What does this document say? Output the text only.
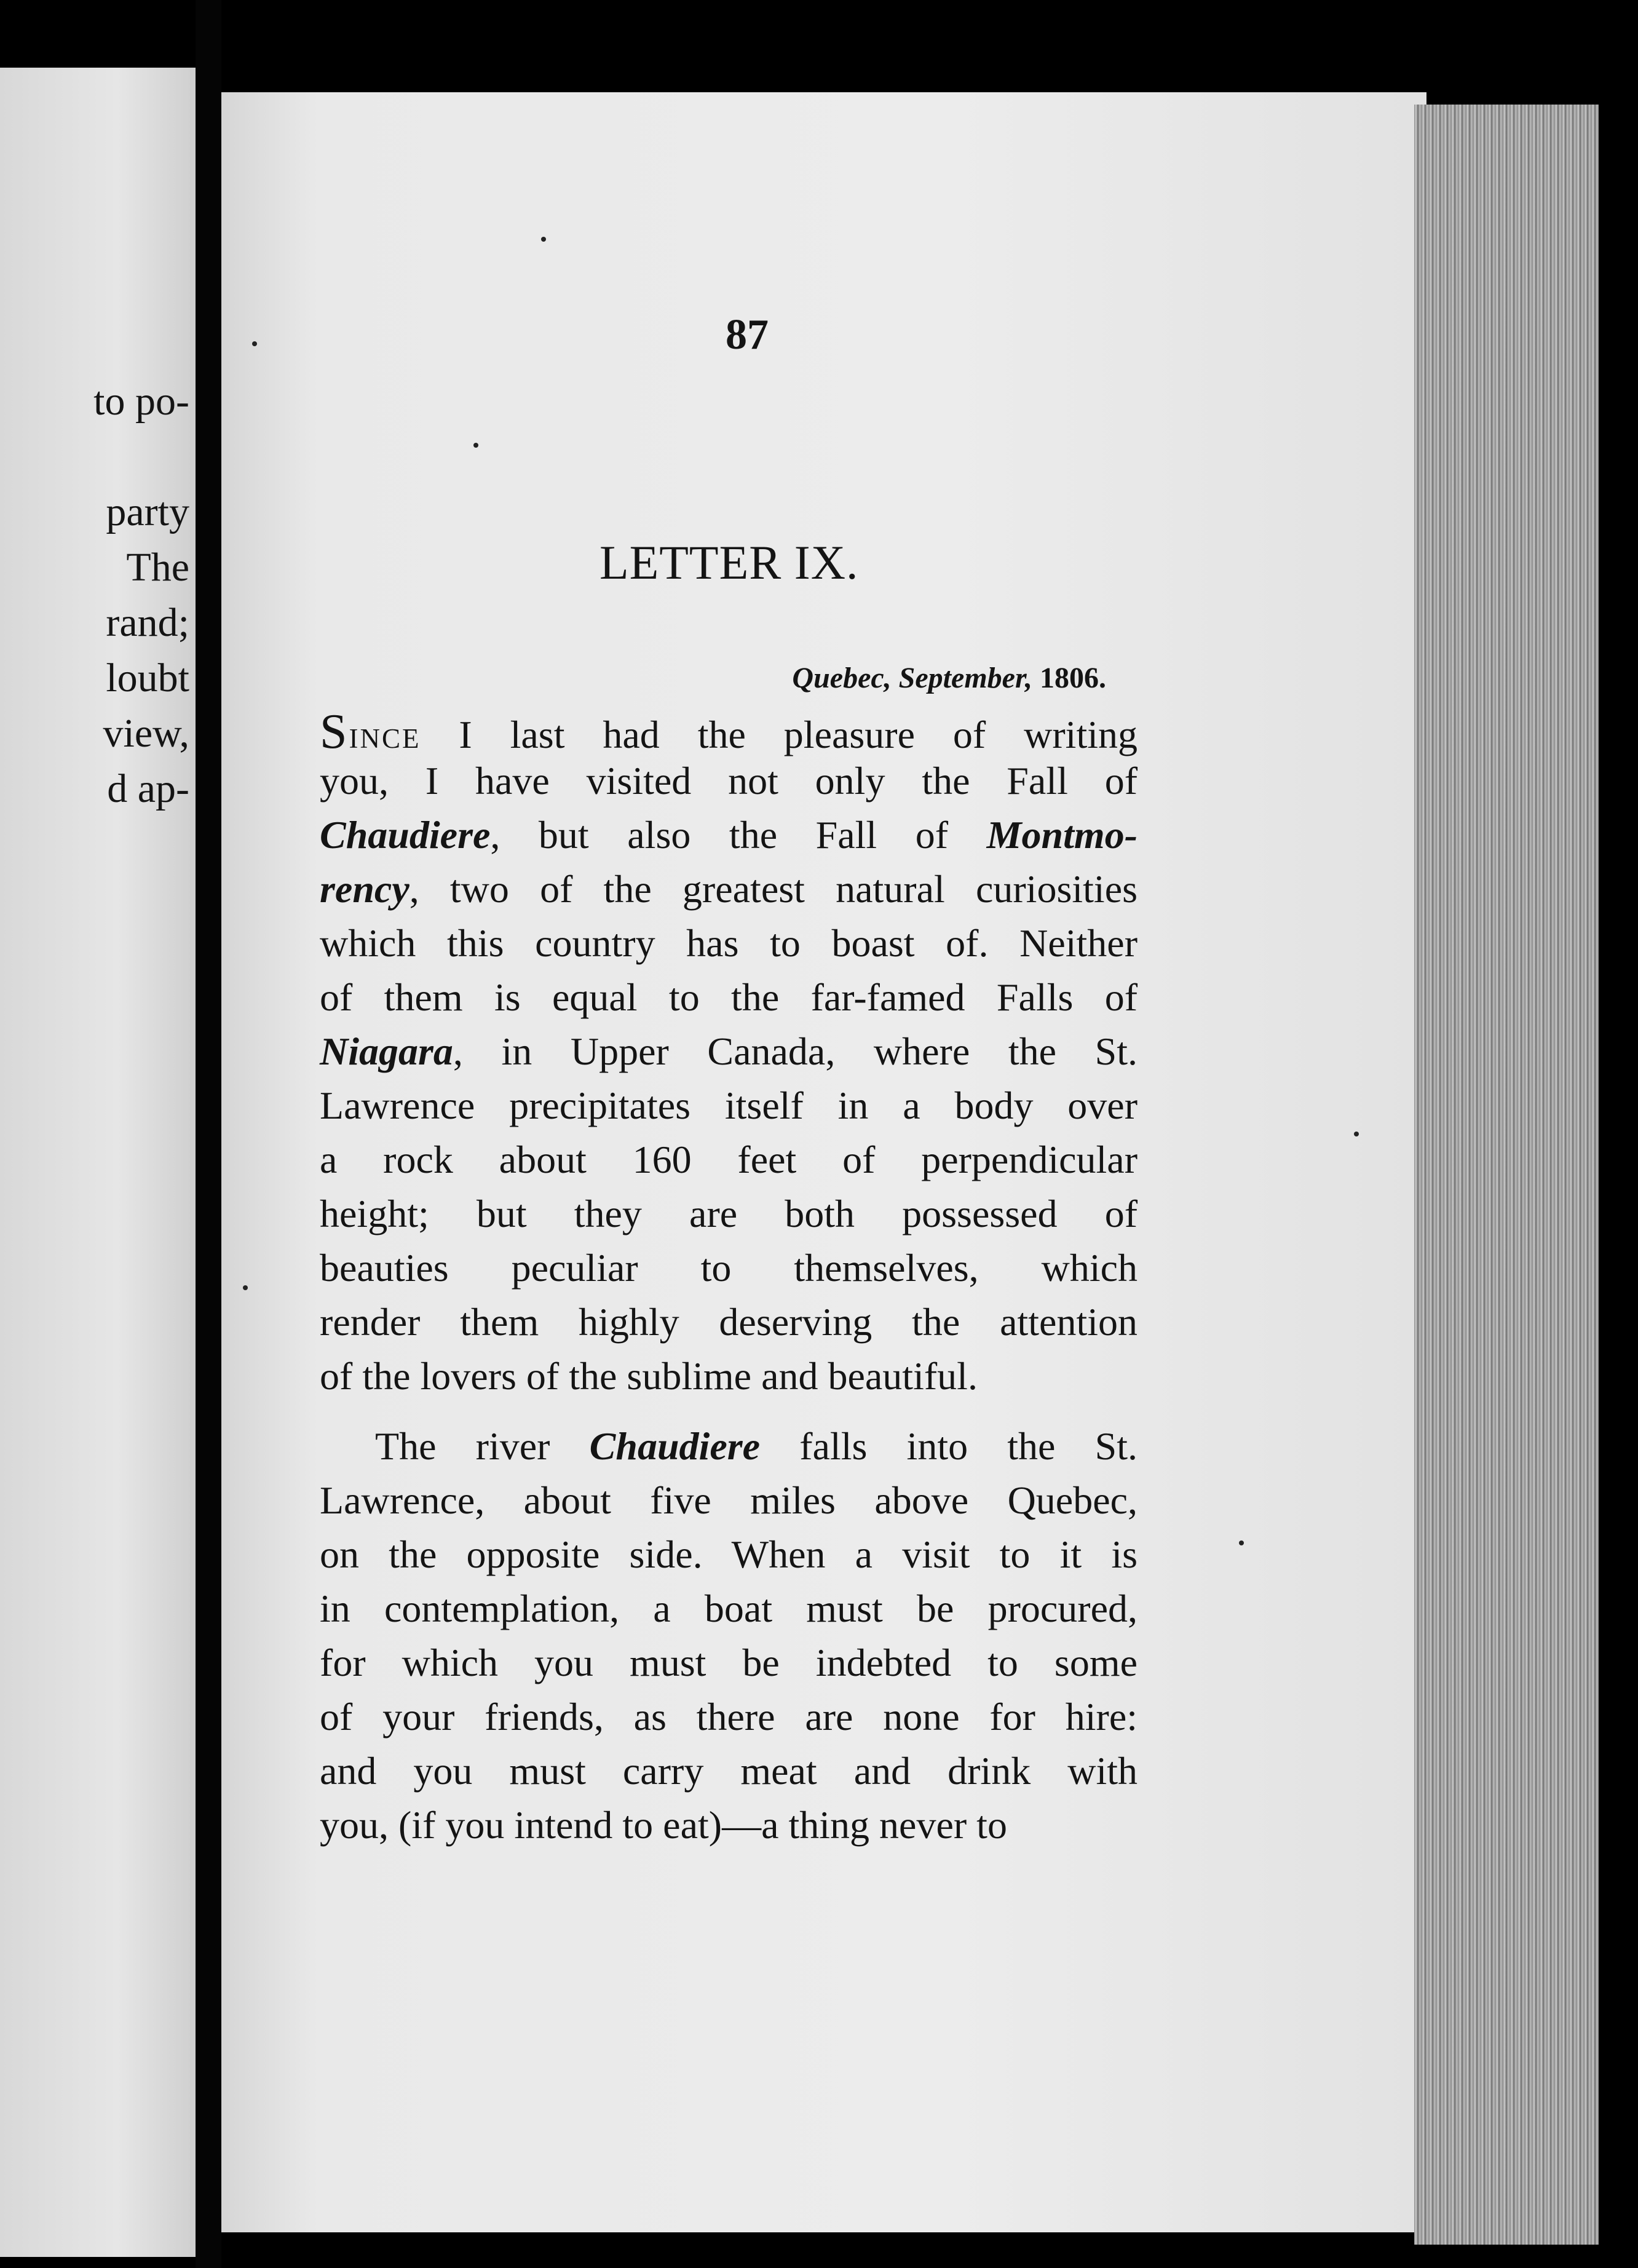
to po-
party
The
rand;
loubt
view,
d ap-
87
LETTER IX.
Quebec, September, 1806.
Since I last had the pleasure of writing
you, I have visited not only the Fall of
Chaudiere, but also the Fall of Montmo-
rency, two of the greatest natural curiosities
which this country has to boast of. Neither
of them is equal to the far-famed Falls of
Niagara, in Upper Canada, where the St.
Lawrence precipitates itself in a body over
a rock about 160 feet of perpendicular
height; but they are both possessed of
beauties peculiar to themselves, which
render them highly deserving the attention
of the lovers of the sublime and beautiful.
The river Chaudiere falls into the St.
Lawrence, about five miles above Quebec,
on the opposite side. When a visit to it is
in contemplation, a boat must be procured,
for which you must be indebted to some
of your friends, as there are none for hire:
and you must carry meat and drink with
you, (if you intend to eat)—a thing never to
